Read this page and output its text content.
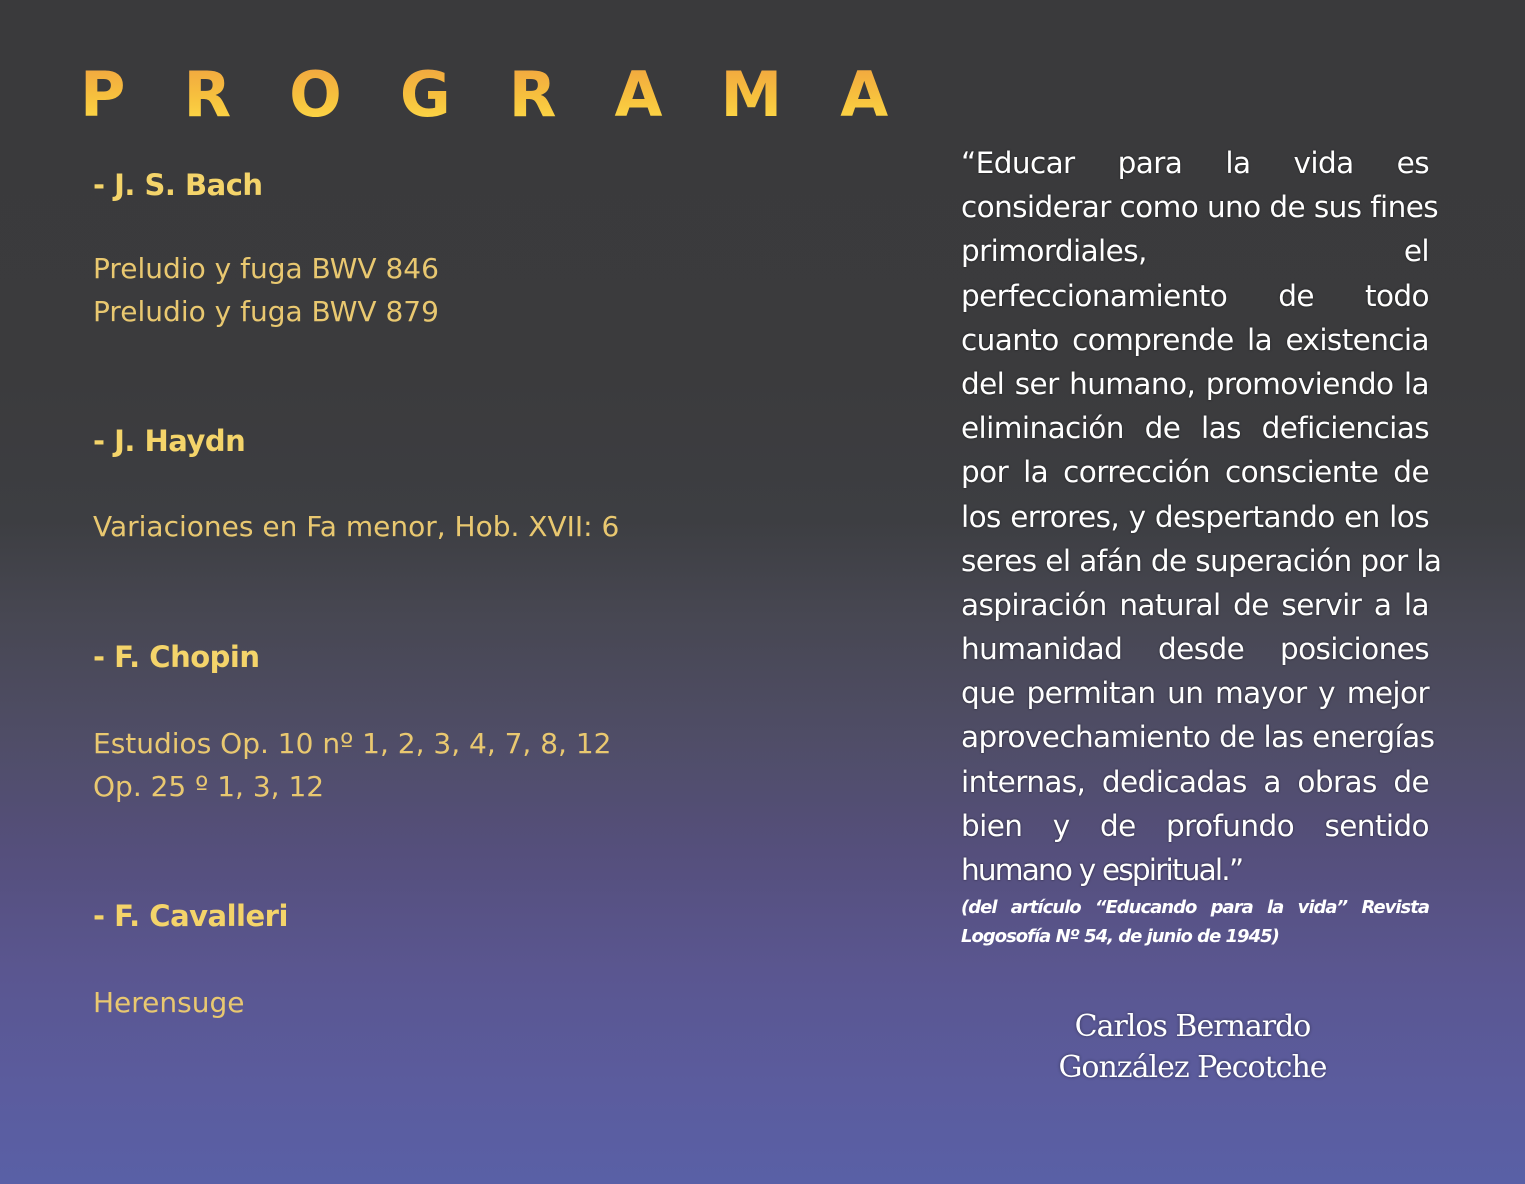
PROGRAMA
- J. S. Bach
Preludio y fuga BWV 846
Preludio y fuga BWV 879
- J. Haydn
Variaciones en Fa menor, Hob. XVII: 6
- F. Chopin
Estudios Op. 10 nº 1, 2, 3, 4, 7, 8, 12
Op. 25 º 1, 3, 12
- F. Cavalleri
Herensuge
“Educar para la vida es
considerar como uno de sus fines
primordiales, el
perfeccionamiento de todo
cuanto comprende la existencia
del ser humano, promoviendo la
eliminación de las deficiencias
por la corrección consciente de
los errores, y despertando en los
seres el afán de superación por la
aspiración natural de servir a la
humanidad desde posiciones
que permitan un mayor y mejor
aprovechamiento de las energías
internas, dedicadas a obras de
bien y de profundo sentido
humano y espiritual.”
(del artículo “Educando para la vida” Revista
Logosofía Nº 54, de junio de 1945)
Carlos Bernardo
González Pecotche
